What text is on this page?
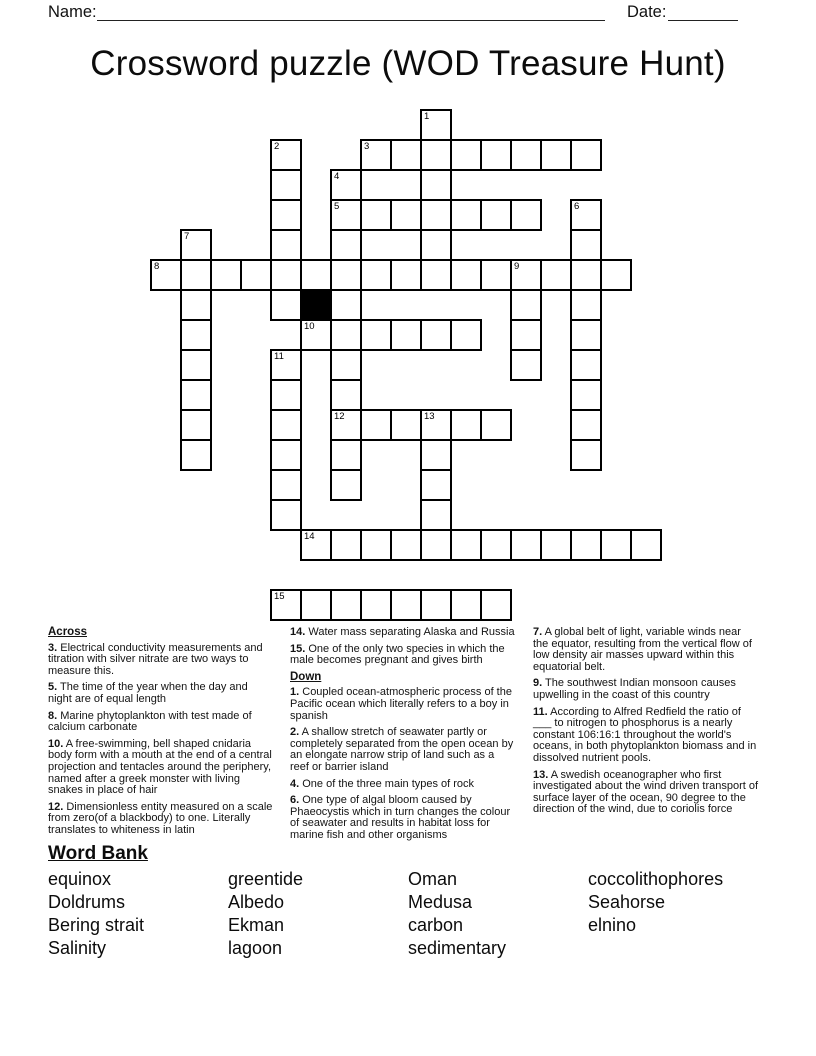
Name:	Date:
Crossword puzzle (WOD Treasure Hunt)
1
2	3
4
5	6
7
8	9
10
11
12	13
14
15
Across
3. Electrical conductivity measurements and titration with silver nitrate are two ways to measure this.
5. The time of the year when the day and night are of equal length
8. Marine phytoplankton with test made of calcium carbonate
10. A free-swimming, bell shaped cnidaria body form with a mouth at the end of a central projection and tentacles around the periphery, named after a greek monster with living snakes in place of hair
12. Dimensionless entity measured on a scale from zero(of a blackbody) to one. Literally translates to whiteness in latin
14. Water mass separating Alaska and Russia
15. One of the only two species in which the male becomes pregnant and gives birth
Down
1. Coupled ocean-atmospheric process of the Pacific ocean which literally refers to a boy in spanish
2. A shallow stretch of seawater partly or completely separated from the open ocean by an elongate narrow strip of land such as a reef or barrier island
4. One of the three main types of rock
6. One type of algal bloom caused by Phaeocystis which in turn changes the colour of seawater and results in habitat loss for marine fish and other organisms
7. A global belt of light, variable winds near the equator, resulting from the vertical flow of low density air masses upward within this equatorial belt.
9. The southwest Indian monsoon causes upwelling in the coast of this country
11. According to Alfred Redfield the ratio of ___ to nitrogen to phosphorus is a nearly constant 106:16:1 throughout the world's oceans, in both phytoplankton biomass and in dissolved nutrient pools.
13. A swedish oceanographer who first investigated about the wind driven transport of surface layer of the ocean, 90 degree to the direction of the wind, due to coriolis force
Word Bank
equinox
Doldrums
Bering strait
Salinity
greentide
Albedo
Ekman
lagoon
Oman
Medusa
carbon
sedimentary
coccolithophores
Seahorse
elnino
